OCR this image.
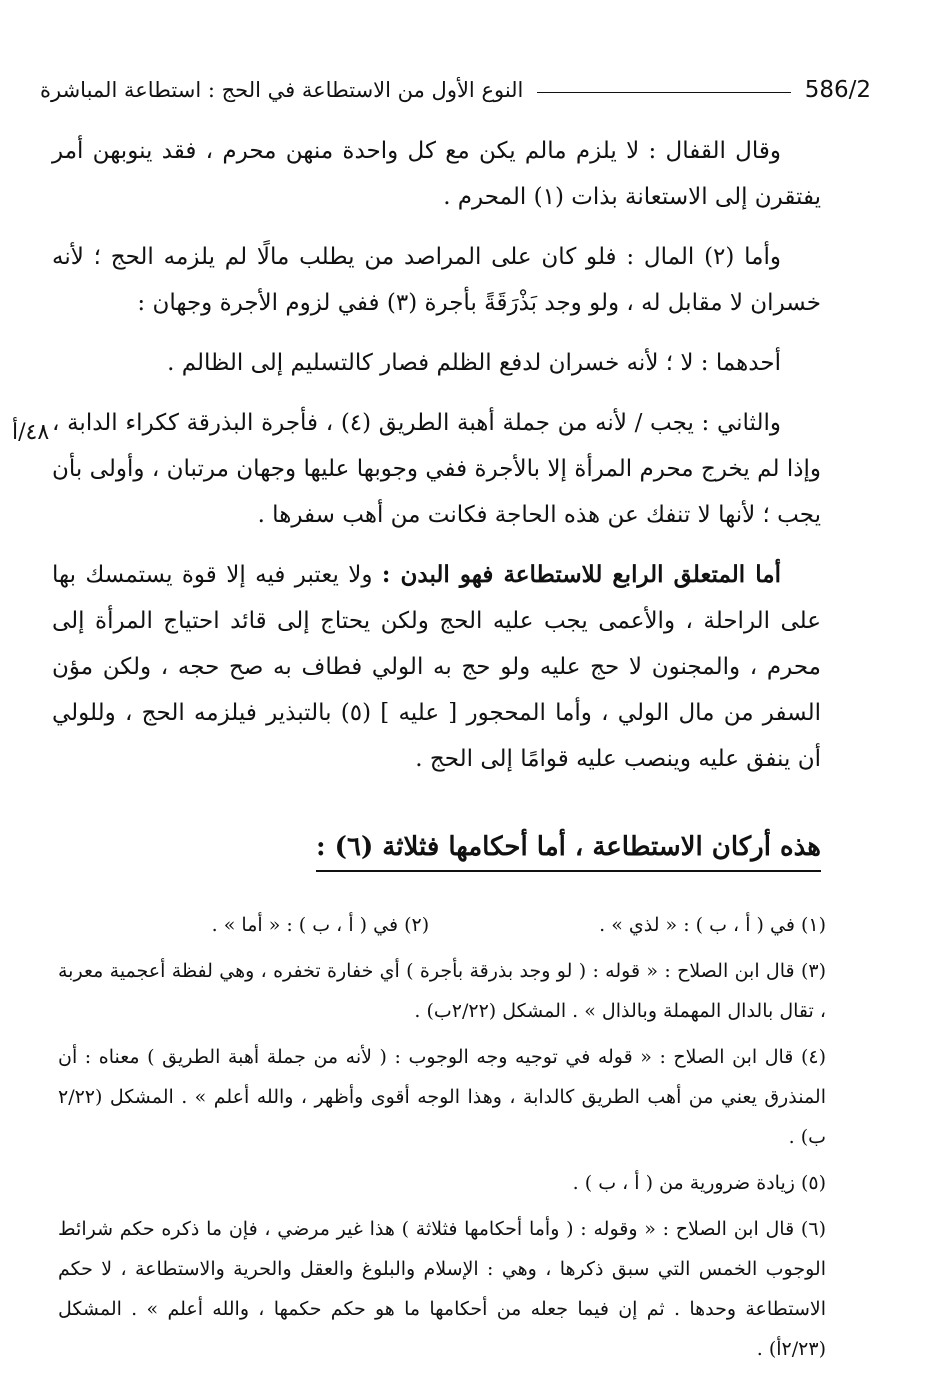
النوع الأول من الاستطاعة في الحج : استطاعة المباشرة	586/2
٤٨/أ

وقال القفال : لا يلزم مالم يكن مع كل واحدة منهن محرم ، فقد ينوبهن أمر يفتقرن إلى الاستعانة بذات (١) المحرم .

وأما (٢) المال : فلو كان على المراصد من يطلب مالًا لم يلزمه الحج ؛ لأنه خسران لا مقابل له ، ولو وجد بَذْرَقَةً بأجرة (٣) ففي لزوم الأجرة وجهان :

أحدهما : لا ؛ لأنه خسران لدفع الظلم فصار كالتسليم إلى الظالم .

والثاني : يجب / لأنه من جملة أهبة الطريق (٤) ، فأجرة البذرقة ككراء الدابة ، وإذا لم يخرج محرم المرأة إلا بالأجرة ففي وجوبها عليها وجهان مرتبان ، وأولى بأن يجب ؛ لأنها لا تنفك عن هذه الحاجة فكانت من أهب سفرها .

أما المتعلق الرابع للاستطاعة فهو البدن : ولا يعتبر فيه إلا قوة يستمسك بها على الراحلة ، والأعمى يجب عليه الحج ولكن يحتاج إلى قائد احتياج المرأة إلى محرم ، والمجنون لا حج عليه ولو حج به الولي فطاف به صح حجه ، ولكن مؤن السفر من مال الولي ، وأما المحجور [ عليه ] (٥) بالتبذير فيلزمه الحج ، وللولي أن ينفق عليه وينصب عليه قوامًا إلى الحج .

هذه أركان الاستطاعة ، أما أحكامها فثلاثة (٦) :
(١) في ( أ ، ب ) : « لذي » .
(٢) في ( أ ، ب ) : « أما » .

(٣) قال ابن الصلاح : « قوله : ( لو وجد بذرقة بأجرة ) أي خفارة تخفره ، وهي لفظة أعجمية معربة ، تقال بالدال المهملة وبالذال » . المشكل (٢/٢٢ب) .

(٤) قال ابن الصلاح : « قوله في توجيه وجه الوجوب : ( لأنه من جملة أهبة الطريق ) معناه : أن المنذرق يعني من أهب الطريق كالدابة ، وهذا الوجه أقوى وأظهر ، والله أعلم » . المشكل (٢/٢٢ ب) .

(٥) زيادة ضرورية من ( أ ، ب ) .

(٦) قال ابن الصلاح : « وقوله : ( وأما أحكامها فثلاثة ) هذا غير مرضي ، فإن ما ذكره حكم شرائط الوجوب الخمس التي سبق ذكرها ، وهي : الإسلام والبلوغ والعقل والحرية والاستطاعة ، لا حكم الاستطاعة وحدها . ثم إن فيما جعله من أحكامها ما هو حكم حكمها ، والله أعلم » . المشكل (٢/٢٣أ) .
